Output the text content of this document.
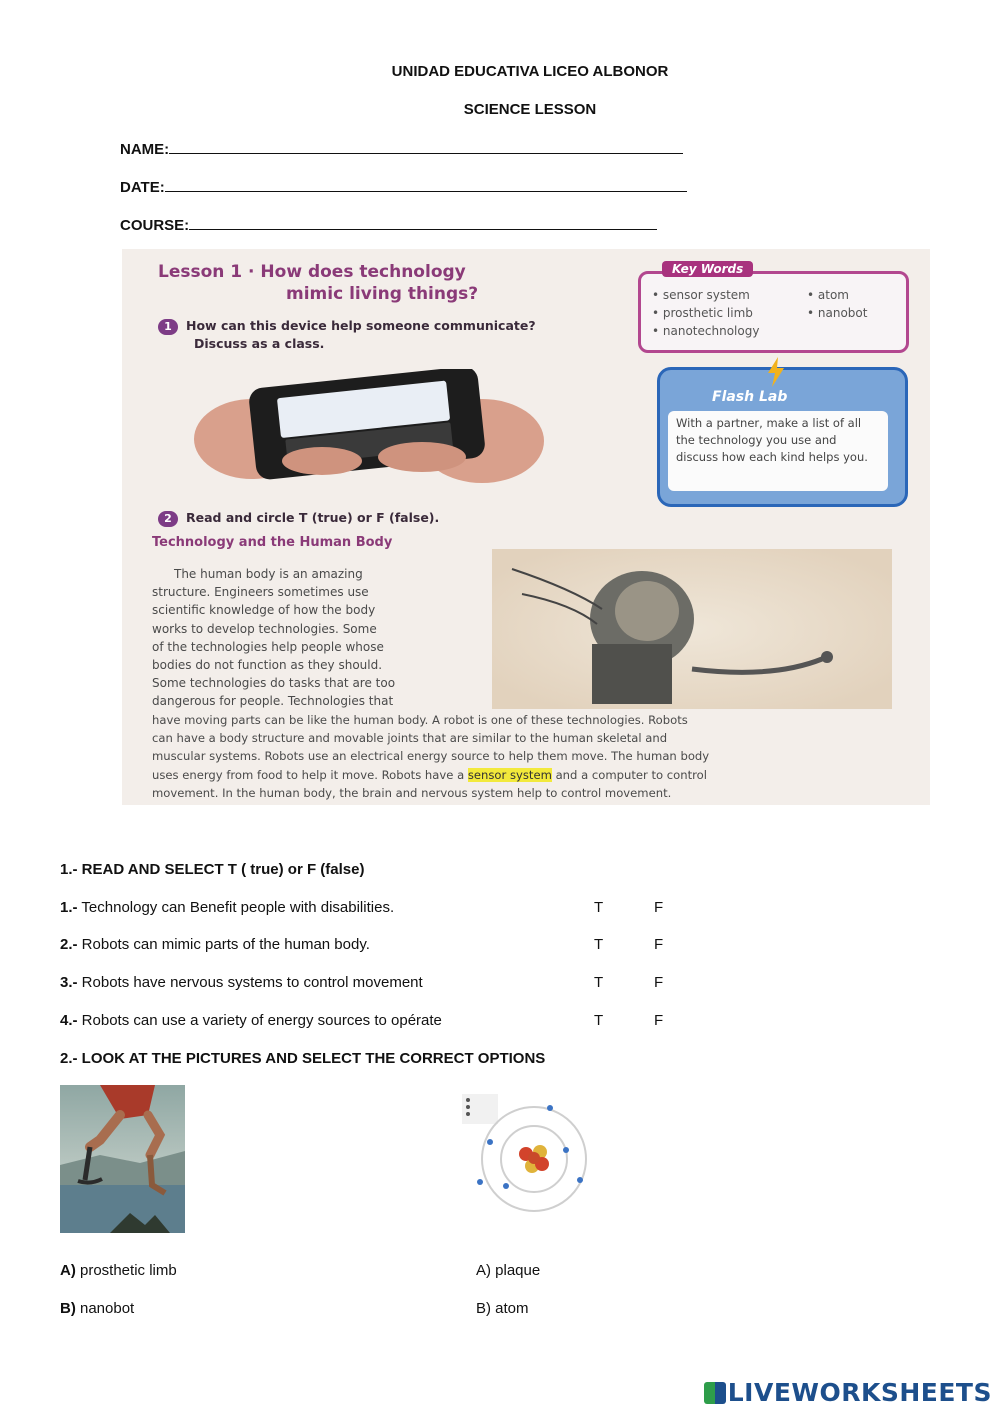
UNIDAD EDUCATIVA LICEO ALBONOR
SCIENCE LESSON
NAME:
DATE:
COURSE:
Lesson 1 · How does technology
mimic living things?
1 How can this device help someone communicate?
Discuss as a class.
Key Words
• sensor system	• atom
• prosthetic limb	• nanobot
• nanotechnology
Flash Lab
With a partner, make a list of all the technology you use and discuss how each kind helps you.
2 Read and circle T (true) or F (false).
Technology and the Human Body
The human body is an amazing
structure. Engineers sometimes use
scientific knowledge of how the body
works to develop technologies. Some
of the technologies help people whose
bodies do not function as they should.
Some technologies do tasks that are too
dangerous for people. Technologies that
have moving parts can be like the human body. A robot is one of these technologies. Robots
can have a body structure and movable joints that are similar to the human skeletal and
muscular systems. Robots use an electrical energy source to help them move. The human body
uses energy from food to help it move. Robots have a sensor system and a computer to control
movement. In the human body, the brain and nervous system help to control movement.
1.- READ AND SELECT T ( true) or F (false)
1.- Technology can Benefit people with disabilities.	T	F
2.- Robots can mimic parts of the human body.	T	F
3.- Robots have nervous systems to control movement	T	F
4.- Robots can use a variety of energy sources to opérate	T	F
2.- LOOK AT THE PICTURES AND SELECT THE CORRECT OPTIONS
A) prosthetic limb
B) nanobot
A) plaque
B) atom
LIVEWORKSHEETS
